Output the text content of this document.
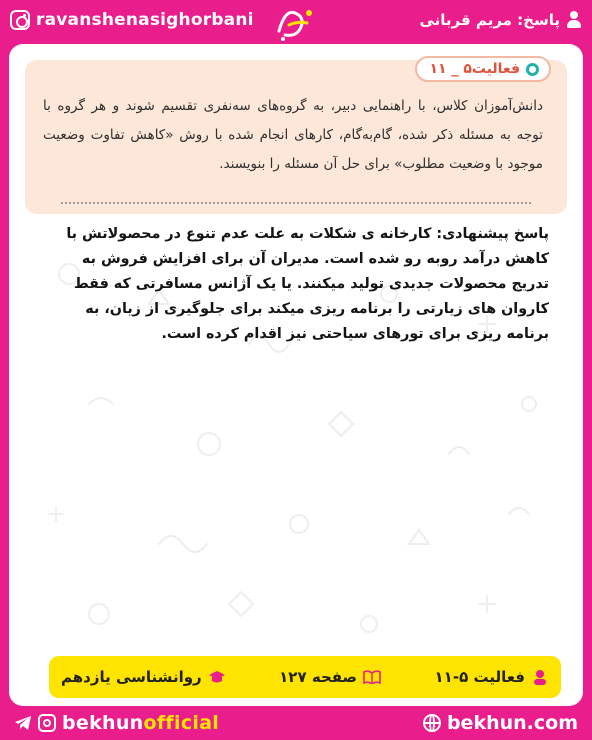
ravanshenasighorbani	پاسخ: مریم قربانی
فعالیت۵ _ ۱۱
دانش‌آموزان کلاس، با راهنمایی دبیر، به گروه‌های سه‌نفری تقسیم شوند و هر گروه با توجه به مسئله ذکر شده، گام‌به‌گام، کارهای انجام شده با روش «کاهش تفاوت وضعیت موجود با وضعیت مطلوب» برای حل آن مسئله را بنویسند.
پاسخ پیشنهادی: کارخانه ی شکلات به علت عدم تنوع در محصولاتش با کاهش درآمد روبه رو شده است. مدیران آن برای افزایش فروش به تدریج محصولات جدیدی تولید میکنند. یا یک آژانس مسافرتی که فقط کاروان های زیارتی را برنامه ریزی میکند برای جلوگیری از زیان، به برنامه ریزی برای تورهای سیاحتی نیز اقدام کرده است.
فعالیت ۵-۱۱
صفحه ۱۲۷
روانشناسی یازدهم
bekhunofficial	bekhun.com
